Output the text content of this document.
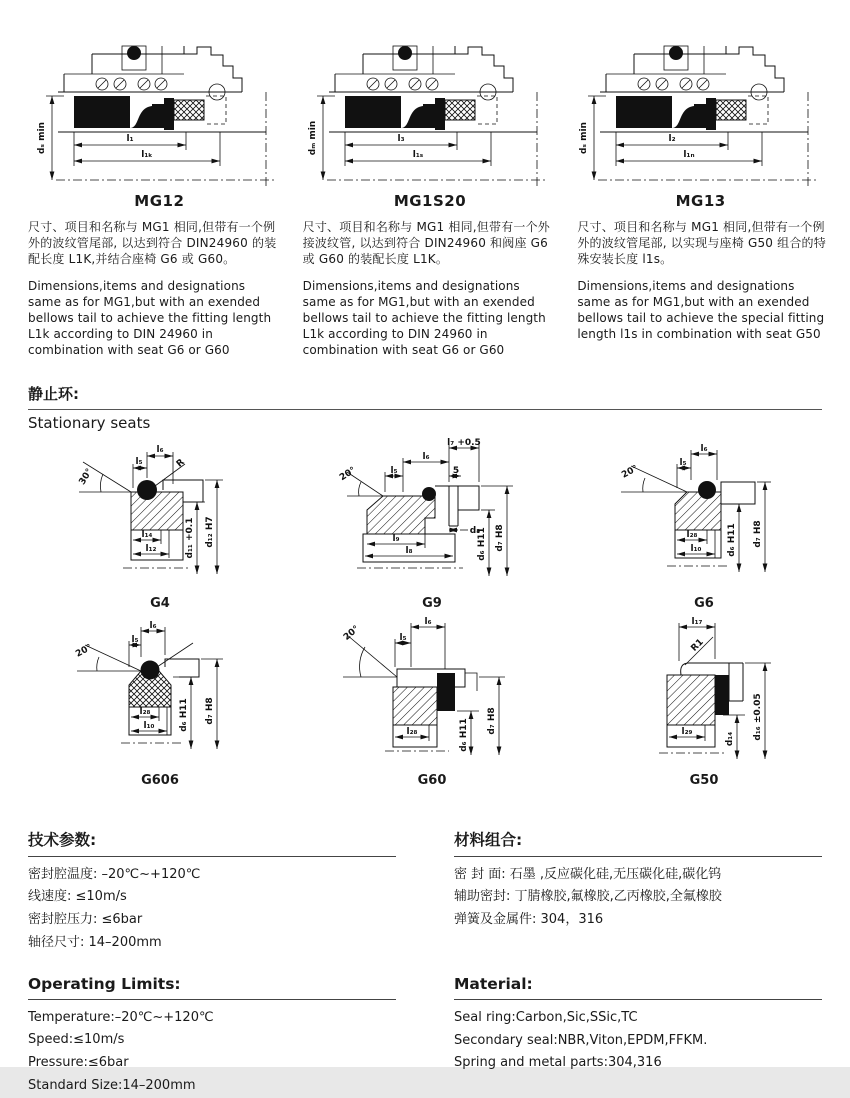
l₁
l₁ₖ
dₛ min
MG12
l₃
l₁ₛ
dₘ min
MG1S20
l₂
l₁ₙ
dₛ min
MG13

尺寸、项目和名称与 MG1 相同,但带有一个例外的波纹管尾部, 以达到符合 DIN24960 的装配长度 L1K,并结合座椅 G6 或 G60。

Dimensions,items and designations same as for MG1,but with an exended bellows tail to achieve the fitting length L1k according to DIN 24960 in combination with seat G6 or G60

尺寸、项目和名称与 MG1 相同,但带有一个外接波纹管, 以达到符合 DIN24960 和阀座 G6 或 G60 的装配长度 L1K。

Dimensions,items and designations same as for MG1,but with an exended bellows tail to achieve the fitting length L1k according to DIN 24960 in combination with seat G6 or G60

尺寸、项目和名称与 MG1 相同,但带有一个例外的波纹管尾部, 以实现与座椅 G50 组合的特殊安装长度 l1s。

Dimensions,items and designations same as for MG1,but with an exended bellows tail to achieve the special fitting length l1s in combination with seat G50

静止环:
Stationary seats
30°
l₆
l₅	R
l₁₄
l₁₂	d₁₁ +0.1 d₁₂ H7
G4
20°
l₇ +0.5
l₆
l₅	5
l₉
l₈
d₈
d₆ H11 d₇ H8
G9
20°
l₆
l₅
l₂₈
l₁₀	d₆ H11 d₇ H8
G6
20°
l₆
l₅
l₂₈
l₁₀	d₆ H11 d₇ H8
G606
20°
l₆
l₅
l₂₈	d₆ H11 d₇ H8
G60
R1
l₁₇
l₂₉	d₁₄ d₁₆ ±0.05
G50
技术参数:
密封腔温度: –20℃~+120℃
线速度: ≤10m/s
密封腔压力: ≤6bar
轴径尺寸: 14–200mm
Operating Limits:
Temperature:–20℃~+120℃
Speed:≤10m/s
Pressure:≤6bar
Standard Size:14–200mm
材料组合:
密 封 面: 石墨 ,反应碳化硅,无压碳化硅,碳化钨
辅助密封: 丁腈橡胶,氟橡胶,乙丙橡胶,全氟橡胶
弹簧及金属件: 304，316
Material:
Seal ring:Carbon,Sic,SSic,TC
Secondary seal:NBR,Viton,EPDM,FFKM.
Spring and metal parts:304,316
